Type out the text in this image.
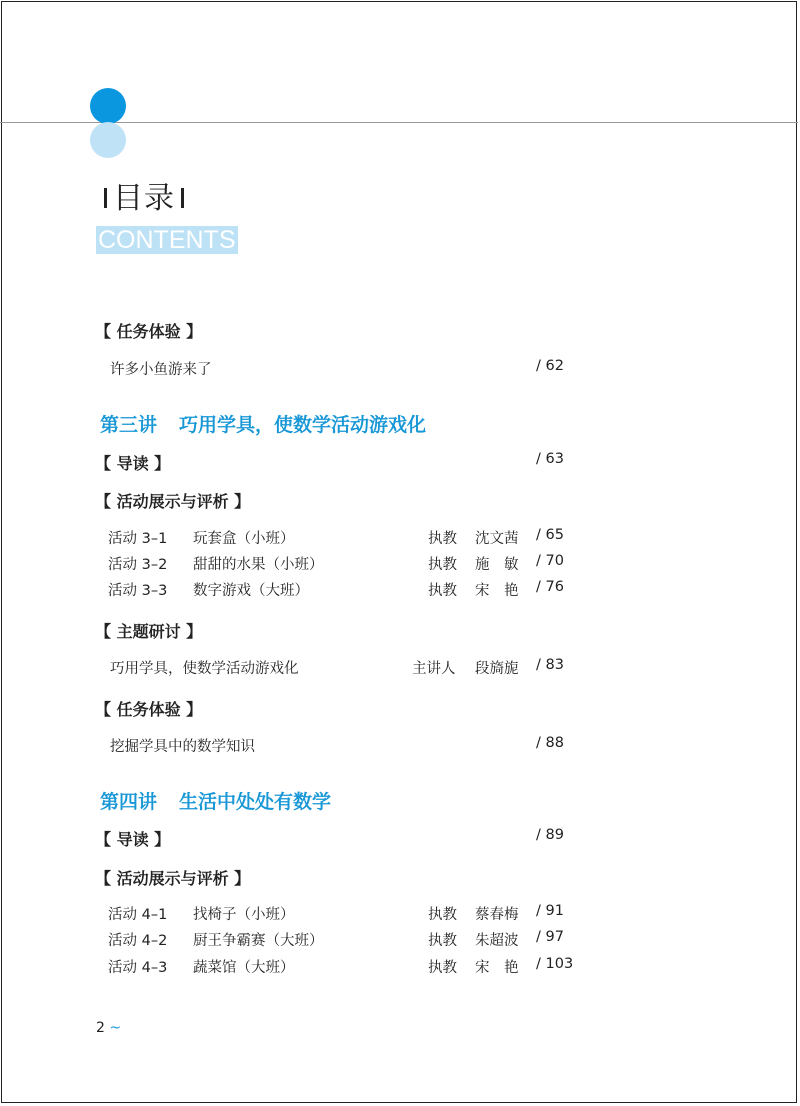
目录
CONTENTS
【 任务体验 】
许多小鱼游来了	/ 62
第三讲 巧用学具，使数学活动游戏化
【 导读 】	/ 63
【 活动展示与评析 】
活动 3–1 玩套盒（小班）	执教 沈文茜 / 65
活动 3–2 甜甜的水果（小班）	执教 施　敏 / 70
活动 3–3 数字游戏（大班）	执教 宋　艳 / 76
【 主题研讨 】
巧用学具，使数学活动游戏化	主讲人 段旖旎 / 83
【 任务体验 】
挖掘学具中的数学知识	/ 88
第四讲 生活中处处有数学
【 导读 】	/ 89
【 活动展示与评析 】
活动 4–1 找椅子（小班）	执教 蔡春梅 / 91
活动 4–2 厨王争霸赛（大班）	执教 朱超波 / 97
活动 4–3 蔬菜馆（大班）	执教 宋　艳 / 103
2 ~
